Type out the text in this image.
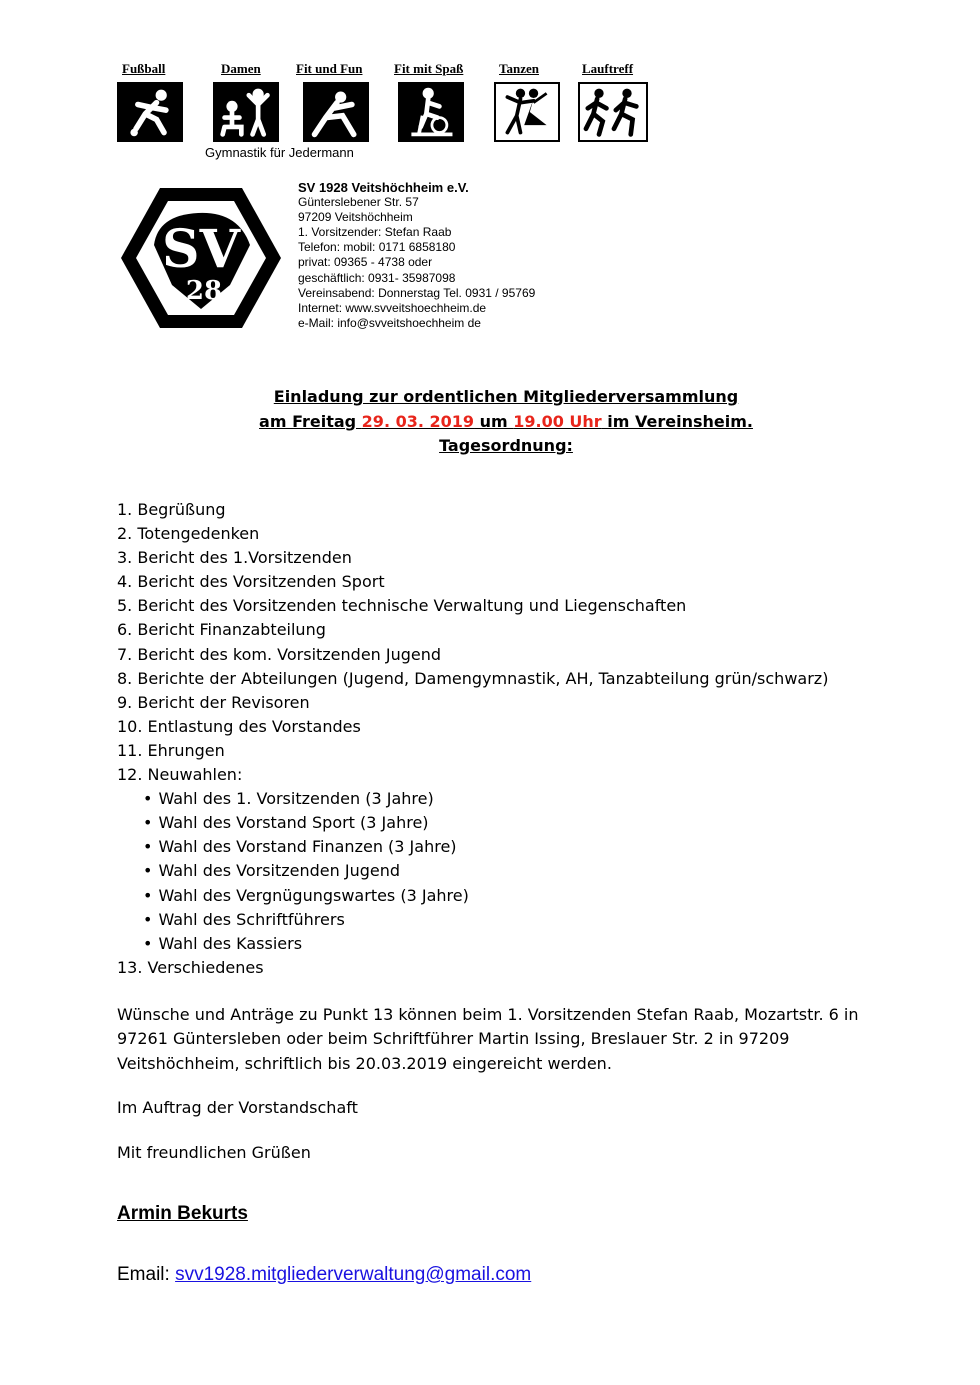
Fußball	Damen	Fit und Fun Fit mit Spaß	Tanzen	Lauftreff
Gymnastik für Jedermann
SV
28
SV 1928 Veitshöchheim e.V.
Günterslebener Str. 57
97209 Veitshöchheim
1. Vorsitzender: Stefan Raab
Telefon: mobil: 0171 6858180
privat: 09365 - 4738 oder
geschäftlich: 0931- 35987098
Vereinsabend: Donnerstag Tel. 0931 / 95769
Internet: www.svveitshoechheim.de
e-Mail: info@svveitshoechheim de
Einladung zur ordentlichen Mitgliederversammlung
am Freitag 29. 03. 2019 um 19.00 Uhr im Vereinsheim.
Tagesordnung:
1. Begrüßung
2. Totengedenken
3. Bericht des 1.Vorsitzenden
4. Bericht des Vorsitzenden Sport
5. Bericht des Vorsitzenden technische Verwaltung und Liegenschaften
6. Bericht Finanzabteilung
7. Bericht des kom. Vorsitzenden Jugend
8. Berichte der Abteilungen (Jugend, Damengymnastik, AH, Tanzabteilung grün/schwarz)
9. Bericht der Revisoren
10. Entlastung des Vorstandes
11. Ehrungen
12. Neuwahlen:
• Wahl des 1. Vorsitzenden (3 Jahre)
• Wahl des Vorstand Sport (3 Jahre)
• Wahl des Vorstand Finanzen (3 Jahre)
• Wahl des Vorsitzenden Jugend
• Wahl des Vergnügungswartes (3 Jahre)
• Wahl des Schriftführers
• Wahl des Kassiers
13. Verschiedenes
Wünsche und Anträge zu Punkt 13 können beim 1. Vorsitzenden Stefan Raab, Mozartstr. 6 in 97261 Güntersleben oder beim Schriftführer Martin Issing, Breslauer Str. 2 in 97209 Veitshöchheim, schriftlich bis 20.03.2019 eingereicht werden.
Im Auftrag der Vorstandschaft
Mit freundlichen Grüßen
Armin Bekurts
Email: svv1928.mitgliederverwaltung@gmail.com
